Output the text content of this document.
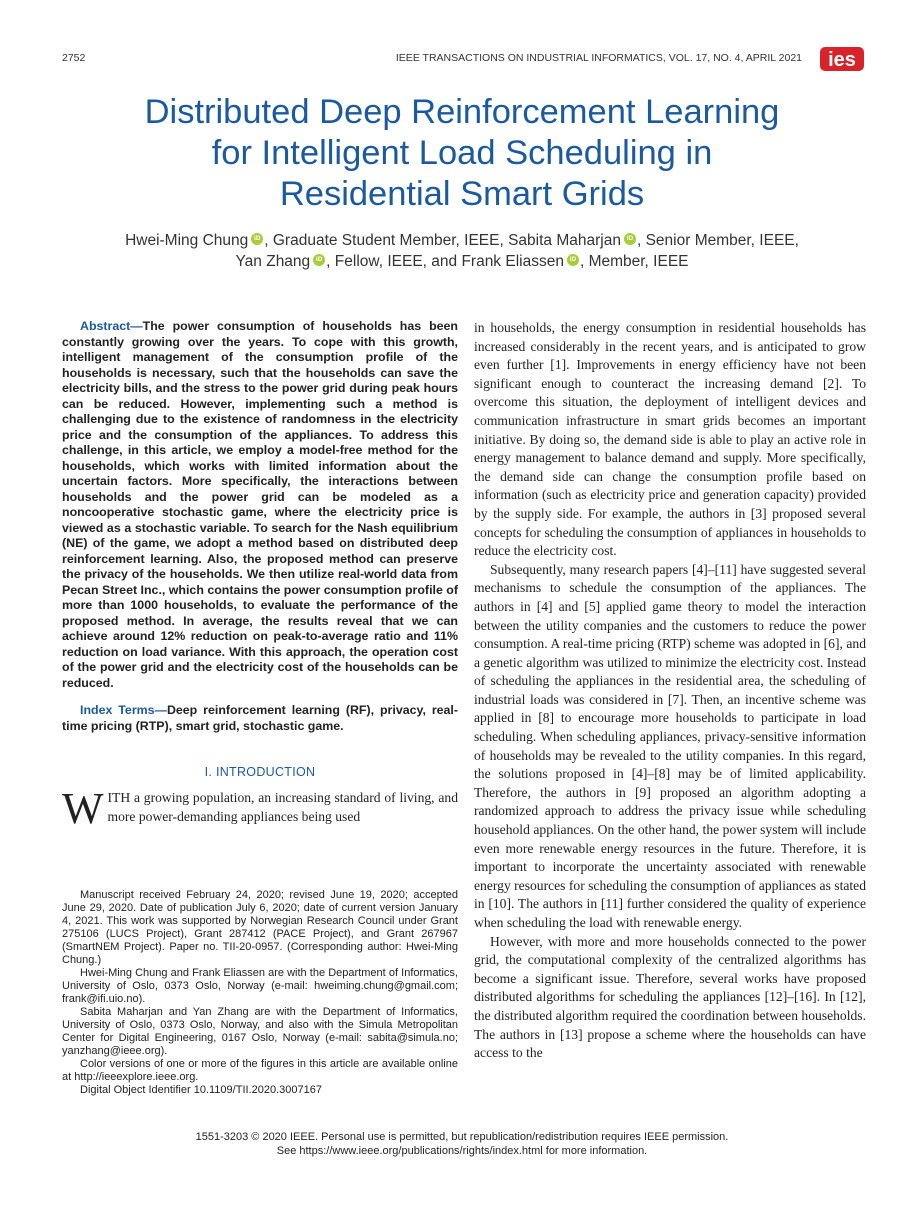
2752	IEEE TRANSACTIONS ON INDUSTRIAL INFORMATICS, VOL. 17, NO. 4, APRIL 2021 ies
Distributed Deep Reinforcement Learning
for Intelligent Load Scheduling in
Residential Smart Grids
Hwei-Ming Chung iD , Graduate Student Member, IEEE, Sabita Maharjan iD , Senior Member, IEEE,
Yan Zhang iD , Fellow, IEEE, and Frank Eliassen iD , Member, IEEE
Abstract—The power consumption of households has been constantly growing over the years. To cope with this growth, intelligent management of the consumption profile of the households is necessary, such that the households can save the electricity bills, and the stress to the power grid during peak hours can be reduced. However, implementing such a method is challenging due to the existence of randomness in the electricity price and the consumption of the appliances. To address this challenge, in this article, we employ a model-free method for the households, which works with limited information about the uncertain factors. More specifically, the interactions between households and the power grid can be modeled as a noncooperative stochastic game, where the electricity price is viewed as a stochastic variable. To search for the Nash equilibrium (NE) of the game, we adopt a method based on distributed deep reinforcement learning. Also, the proposed method can preserve the privacy of the households. We then utilize real-world data from Pecan Street Inc., which contains the power consumption profile of more than 1000 households, to evaluate the performance of the proposed method. In average, the results reveal that we can achieve around 12% reduction on peak-to-average ratio and 11% reduction on load variance. With this approach, the operation cost of the power grid and the electricity cost of the households can be reduced.
Index Terms—Deep reinforcement learning (RF), privacy, real-time pricing (RTP), smart grid, stochastic game.
I. INTRODUCTION
WITH a growing population, an increasing standard of living, and more power-demanding appliances being used

Manuscript received February 24, 2020; revised June 19, 2020; accepted June 29, 2020. Date of publication July 6, 2020; date of current version January 4, 2021. This work was supported by Norwegian Research Council under Grant 275106 (LUCS Project), Grant 287412 (PACE Project), and Grant 267967 (SmartNEM Project). Paper no. TII-20-0957. (Corresponding author: Hwei-Ming Chung.)

Hwei-Ming Chung and Frank Eliassen are with the Department of Informatics, University of Oslo, 0373 Oslo, Norway (e-mail: hweiming.chung@gmail.com; frank@ifi.uio.no).

Sabita Maharjan and Yan Zhang are with the Department of Informatics, University of Oslo, 0373 Oslo, Norway, and also with the Simula Metropolitan Center for Digital Engineering, 0167 Oslo, Norway (e-mail: sabita@simula.no; yanzhang@ieee.org).

Color versions of one or more of the figures in this article are available online at http://ieeexplore.ieee.org.

Digital Object Identifier 10.1109/TII.2020.3007167

in households, the energy consumption in residential households has increased considerably in the recent years, and is anticipated to grow even further [1]. Improvements in energy efficiency have not been significant enough to counteract the increasing demand [2]. To overcome this situation, the deployment of intelligent devices and communication infrastructure in smart grids becomes an important initiative. By doing so, the demand side is able to play an active role in energy management to balance demand and supply. More specifically, the demand side can change the consumption profile based on information (such as electricity price and generation capacity) provided by the supply side. For example, the authors in [3] proposed several concepts for scheduling the consumption of appliances in households to reduce the electricity cost.

Subsequently, many research papers [4]–[11] have suggested several mechanisms to schedule the consumption of the appliances. The authors in [4] and [5] applied game theory to model the interaction between the utility companies and the customers to reduce the power consumption. A real-time pricing (RTP) scheme was adopted in [6], and a genetic algorithm was utilized to minimize the electricity cost. Instead of scheduling the appliances in the residential area, the scheduling of industrial loads was considered in [7]. Then, an incentive scheme was applied in [8] to encourage more households to participate in load scheduling. When scheduling appliances, privacy-sensitive information of households may be revealed to the utility companies. In this regard, the solutions proposed in [4]–[8] may be of limited applicability. Therefore, the authors in [9] proposed an algorithm adopting a randomized approach to address the privacy issue while scheduling household appliances. On the other hand, the power system will include even more renewable energy resources in the future. Therefore, it is important to incorporate the uncertainty associated with renewable energy resources for scheduling the consumption of appliances as stated in [10]. The authors in [11] further considered the quality of experience when scheduling the load with renewable energy.

However, with more and more households connected to the power grid, the computational complexity of the centralized algorithms has become a significant issue. Therefore, several works have proposed distributed algorithms for scheduling the appliances [12]–[16]. In [12], the distributed algorithm required the coordination between households. The authors in [13] propose a scheme where the households can have access to the

1551-3203 © 2020 IEEE. Personal use is permitted, but republication/redistribution requires IEEE permission.
See https://www.ieee.org/publications/rights/index.html for more information.
